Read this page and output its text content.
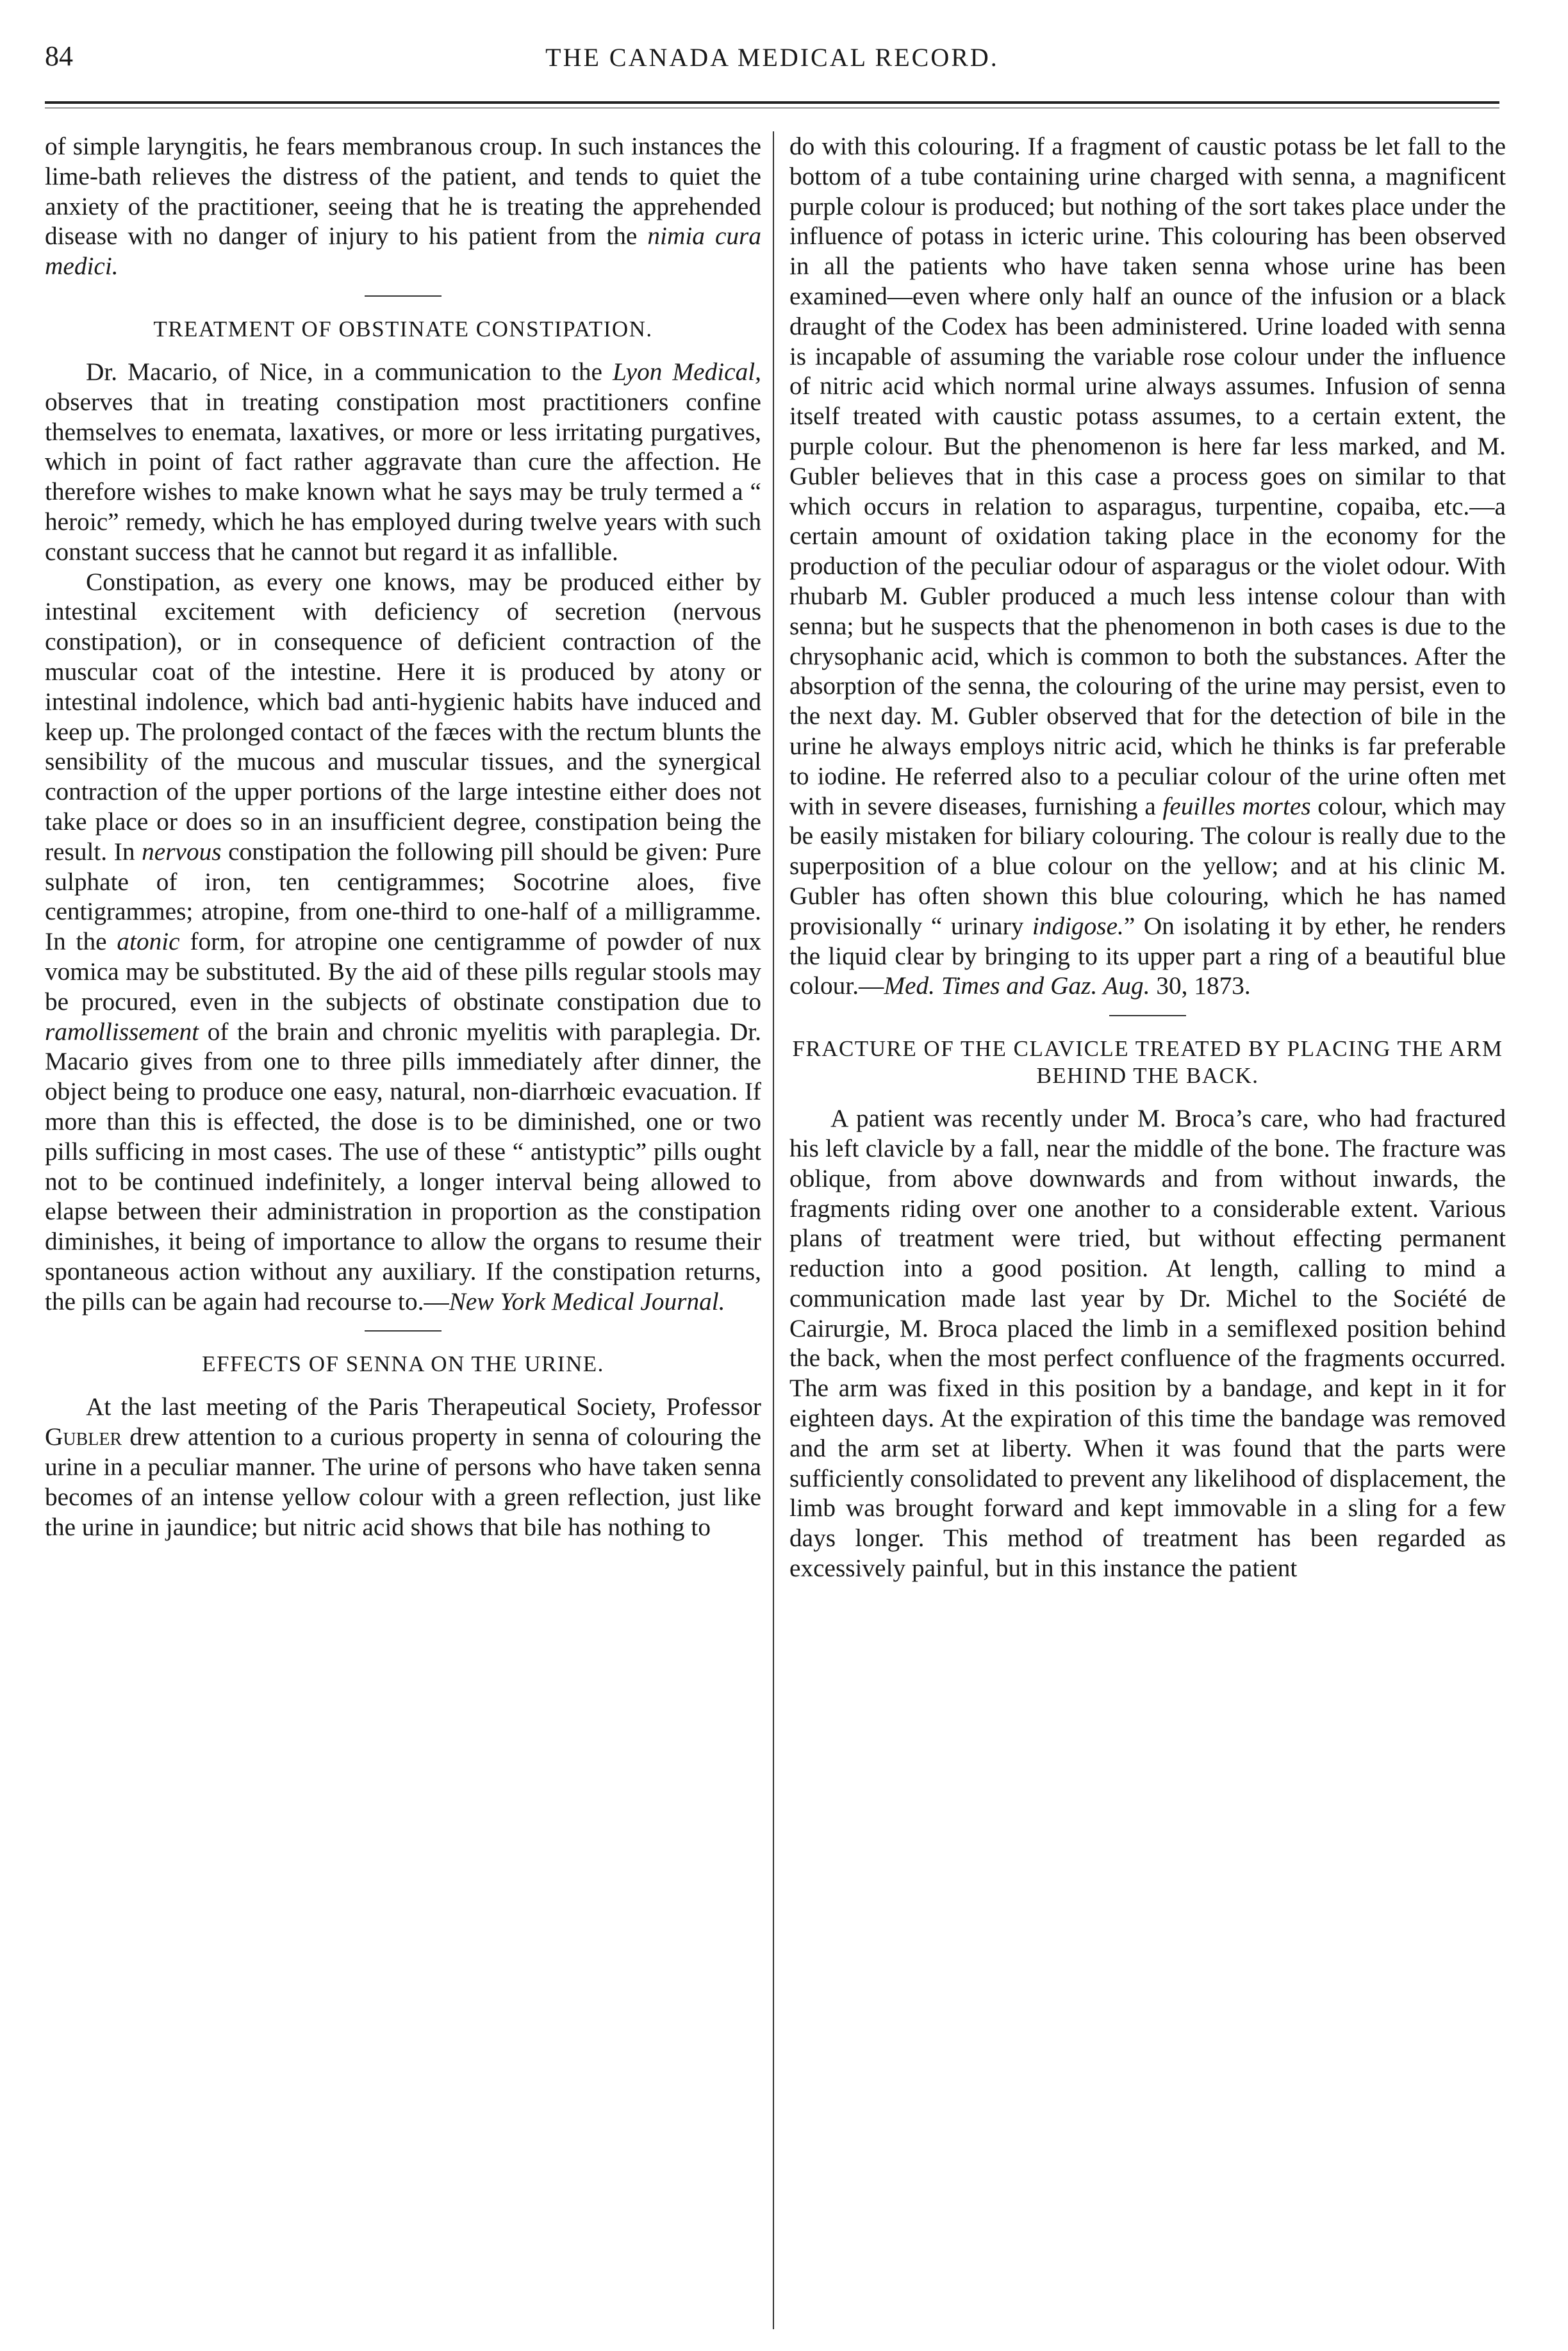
84	THE CANADA MEDICAL RECORD.

of simple laryngitis, he fears membranous croup. In such instances the lime-bath relieves the distress of the patient, and tends to quiet the anxiety of the practitioner, seeing that he is treating the apprehended disease with no danger of injury to his patient from the nimia cura medici.

TREATMENT OF OBSTINATE CONSTIPATION.

Dr. Macario, of Nice, in a communication to the Lyon Medical, observes that in treating constipation most practitioners confine themselves to enemata, laxatives, or more or less irritating purgatives, which in point of fact rather aggravate than cure the affection. He therefore wishes to make known what he says may be truly termed a “ heroic” remedy, which he has employed during twelve years with such constant success that he cannot but regard it as infallible.

Constipation, as every one knows, may be produced either by intestinal excitement with deficiency of secretion (nervous constipation), or in consequence of deficient contraction of the muscular coat of the intestine. Here it is produced by atony or intestinal indolence, which bad anti-hygienic habits have induced and keep up. The prolonged contact of the fæces with the rectum blunts the sensibility of the mucous and muscular tissues, and the synergical contraction of the upper portions of the large intestine either does not take place or does so in an insufficient degree, constipation being the result. In nervous constipation the following pill should be given: Pure sulphate of iron, ten centigrammes; Socotrine aloes, five centigrammes; atropine, from one-third to one-half of a milligramme. In the atonic form, for atropine one centigramme of powder of nux vomica may be substituted. By the aid of these pills regular stools may be procured, even in the subjects of obstinate constipation due to ramollissement of the brain and chronic myelitis with paraplegia. Dr. Macario gives from one to three pills immediately after dinner, the object being to produce one easy, natural, non-diarrhœic evacuation. If more than this is effected, the dose is to be diminished, one or two pills sufficing in most cases. The use of these “ antistyptic” pills ought not to be continued indefinitely, a longer interval being allowed to elapse between their administration in proportion as the constipation diminishes, it being of importance to allow the organs to resume their spontaneous action without any auxiliary. If the constipation returns, the pills can be again had recourse to.—New York Medical Journal.

EFFECTS OF SENNA ON THE URINE.

At the last meeting of the Paris Therapeutical Society, Professor Gubler drew attention to a curious property in senna of colouring the urine in a peculiar manner. The urine of persons who have taken senna becomes of an intense yellow colour with a green reflection, just like the urine in jaundice; but nitric acid shows that bile has nothing to

do with this colouring. If a fragment of caustic potass be let fall to the bottom of a tube containing urine charged with senna, a magnificent purple colour is produced; but nothing of the sort takes place under the influence of potass in icteric urine. This colouring has been observed in all the patients who have taken senna whose urine has been examined—even where only half an ounce of the infusion or a black draught of the Codex has been administered. Urine loaded with senna is incapable of assuming the variable rose colour under the influence of nitric acid which normal urine always assumes. Infusion of senna itself treated with caustic potass assumes, to a certain extent, the purple colour. But the phenomenon is here far less marked, and M. Gubler believes that in this case a process goes on similar to that which occurs in relation to asparagus, turpentine, copaiba, etc.—a certain amount of oxidation taking place in the economy for the production of the peculiar odour of asparagus or the violet odour. With rhubarb M. Gubler produced a much less intense colour than with senna; but he suspects that the phenomenon in both cases is due to the chrysophanic acid, which is common to both the substances. After the absorption of the senna, the colouring of the urine may persist, even to the next day. M. Gubler observed that for the detection of bile in the urine he always employs nitric acid, which he thinks is far preferable to iodine. He referred also to a peculiar colour of the urine often met with in severe diseases, furnishing a feuilles mortes colour, which may be easily mistaken for biliary colouring. The colour is really due to the superposition of a blue colour on the yellow; and at his clinic M. Gubler has often shown this blue colouring, which he has named provisionally “ urinary indigose.” On isolating it by ether, he renders the liquid clear by bringing to its upper part a ring of a beautiful blue colour.—Med. Times and Gaz. Aug. 30, 1873.

FRACTURE OF THE CLAVICLE TREATED BY PLACING THE ARM BEHIND THE BACK.

A patient was recently under M. Broca’s care, who had fractured his left clavicle by a fall, near the middle of the bone. The fracture was oblique, from above downwards and from without inwards, the fragments riding over one another to a considerable extent. Various plans of treatment were tried, but without effecting permanent reduction into a good position. At length, calling to mind a communication made last year by Dr. Michel to the Société de Cairurgie, M. Broca placed the limb in a semiflexed position behind the back, when the most perfect confluence of the fragments occurred. The arm was fixed in this position by a bandage, and kept in it for eighteen days. At the expiration of this time the bandage was removed and the arm set at liberty. When it was found that the parts were sufficiently consolidated to prevent any likelihood of displacement, the limb was brought forward and kept immovable in a sling for a few days longer. This method of treatment has been regarded as excessively painful, but in this instance the patient
